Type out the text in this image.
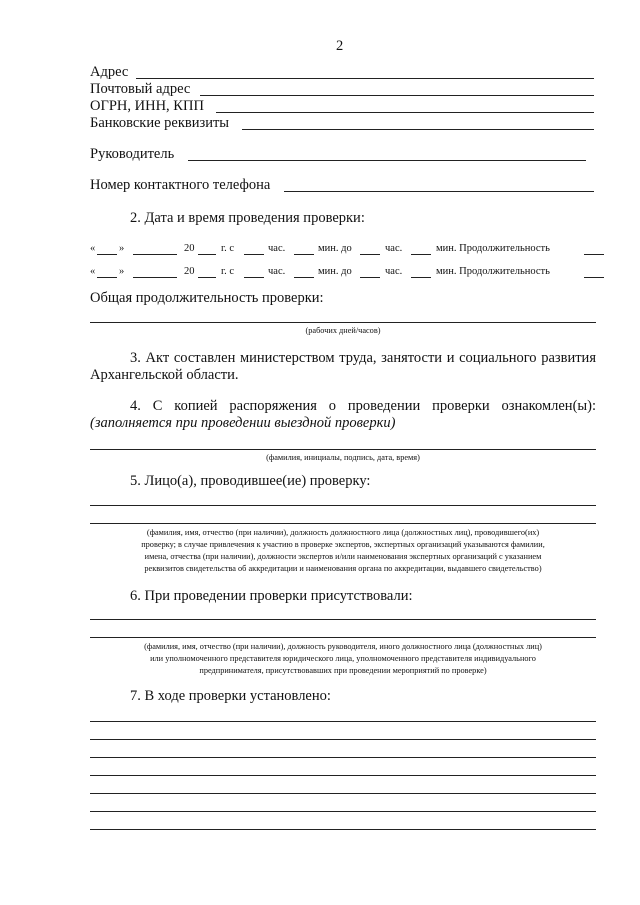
2
Адрес
Почтовый адрес
ОГРН, ИНН, КПП
Банковские реквизиты
Руководитель
Номер контактного телефона
2. Дата и время проведения проверки:
« »	20	г. с	час.	мин. до	час.	мин. Продолжительность
« »	20	г. с	час.	мин. до	час.	мин. Продолжительность
Общая продолжительность проверки:
(рабочих дней/часов)
3. Акт составлен министерством труда, занятости и социального развития
Архангельской области.
4. С копией распоряжения о проведении проверки ознакомлен(ы):
(заполняется при проведении выездной проверки)
(фамилия, инициалы, подпись, дата, время)
5. Лицо(а), проводившее(ие) проверку:
(фамилия, имя, отчество (при наличии), должность должностного лица (должностных лиц), проводившего(их)
проверку; в случае привлечения к участию в проверке экспертов, экспертных организаций указываются фамилии,
имена, отчества (при наличии), должности экспертов и/или наименования экспертных организаций с указанием
реквизитов свидетельства об аккредитации и наименования органа по аккредитации, выдавшего свидетельство)
6. При проведении проверки присутствовали:
(фамилия, имя, отчество (при наличии), должность руководителя, иного должностного лица (должностных лиц)
или уполномоченного представителя юридического лица, уполномоченного представителя индивидуального
предпринимателя, присутствовавших при проведении мероприятий по проверке)
7. В ходе проверки установлено:
